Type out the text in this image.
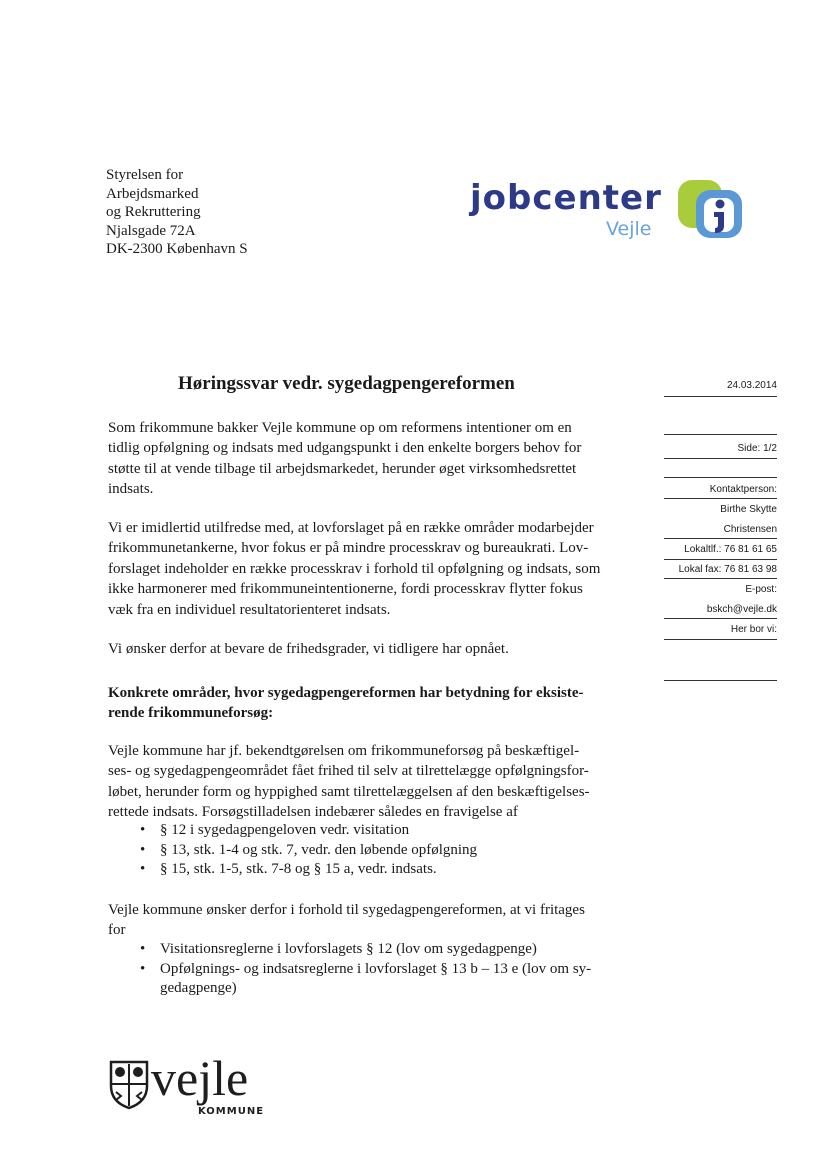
Styrelsen for
Arbejdsmarked
og Rekruttering
Njalsgade 72A
DK-2300 København S
jobcenter
Vejle
Høringssvar vedr. sygedagpengereformen	24.03.2014
Side: 1/2
Kontaktperson:
Birthe Skytte
Christensen
Lokaltlf.: 76 81 61 65
Lokal fax: 76 81 63 98
E-post:
bskch@vejle.dk
Her bor vi:
Som frikommune bakker Vejle kommune op om reformens intentioner om en
tidlig opfølgning og indsats med udgangspunkt i den enkelte borgers behov for
støtte til at vende tilbage til arbejdsmarkedet, herunder øget virksomhedsrettet
indsats.
Vi er imidlertid utilfredse med, at lovforslaget på en række områder modarbejder
frikommunetankerne, hvor fokus er på mindre processkrav og bureaukrati. Lov-
forslaget indeholder en række processkrav i forhold til opfølgning og indsats, som
ikke harmonerer med frikommuneintentionerne, fordi processkrav flytter fokus
væk fra en individuel resultatorienteret indsats.
Vi ønsker derfor at bevare de frihedsgrader, vi tidligere har opnået.
Konkrete områder, hvor sygedagpengereformen har betydning for eksiste-
rende frikommuneforsøg:
Vejle kommune har jf. bekendtgørelsen om frikommuneforsøg på beskæftigel-
ses- og sygedagpengeområdet fået frihed til selv at tilrettelægge opfølgningsfor-
løbet, herunder form og hyppighed samt tilrettelæggelsen af den beskæftigelses-
rettede indsats. Forsøgstilladelsen indebærer således en fravigelse af
• § 12 i sygedagpengeloven vedr. visitation
• § 13, stk. 1-4 og stk. 7, vedr. den løbende opfølgning
• § 15, stk. 1-5, stk. 7-8 og § 15 a, vedr. indsats.
Vejle kommune ønsker derfor i forhold til sygedagpengereformen, at vi fritages
for
• Visitationsreglerne i lovforslagets § 12 (lov om sygedagpenge)
• Opfølgnings- og indsatsreglerne i lovforslaget § 13 b – 13 e (lov om sy-
gedagpenge)
vejle
KOMMUNE
